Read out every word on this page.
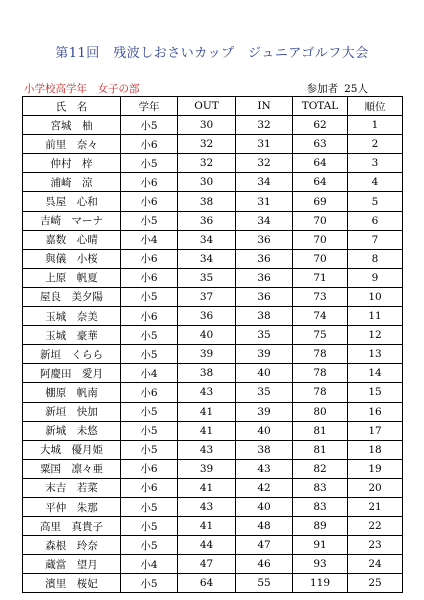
第11回　残波しおさいカップ　ジュニアゴルフ大会
小学校高学年　女子の部	参加者 25人
氏　名	学年	OUT	IN	TOTAL	順位
宮城　柚	小5	30	32	62	1
前里　奈々	小6	32	31	63	2
仲村　梓	小5	32	32	64	3
浦崎　涼	小6	30	34	64	4
呉屋　心和	小6	38	31	69	5
吉崎　マーナ	小5	36	34	70	6
嘉数　心晴	小4	34	36	70	7
與儀　小桜	小6	34	36	70	8
上原　帆夏	小6	35	36	71	9
屋良　美夕陽	小5	37	36	73	10
玉城　奈美	小6	36	38	74	11
玉城　豪華	小5	40	35	75	12
新垣　くらら	小5	39	39	78	13
阿慶田　愛月	小4	38	40	78	14
棚原　帆南	小6	43	35	78	15
新垣　快加	小5	41	39	80	16
新城　未悠	小5	41	40	81	17
大城　優月姫	小5	43	38	81	18
粟国　凛々亜	小6	39	43	82	19
末吉　若菜	小6	41	42	83	20
平仲　朱那	小5	43	40	83	21
高里　真貴子	小5	41	48	89	22
森根　玲奈	小5	44	47	91	23
蔵當　望月	小4	47	46	93	24
濱里　桜妃	小5	64	55	119	25
